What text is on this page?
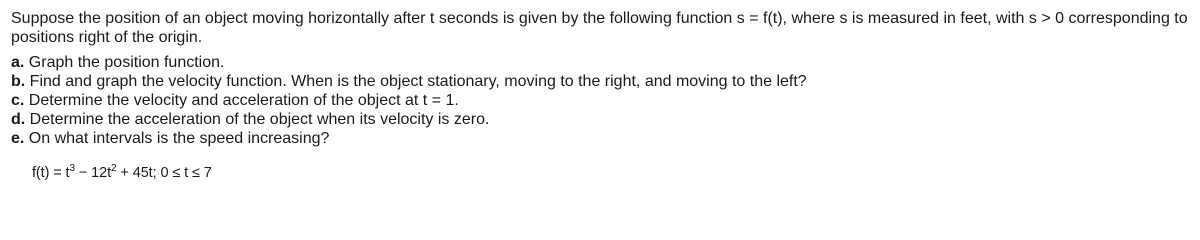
Suppose the position of an object moving horizontally after t seconds is given by the following function s = f(t), where s is measured in feet, with s > 0 corresponding to positions right of the origin.

a. Graph the position function.
b. Find and graph the velocity function. When is the object stationary, moving to the right, and moving to the left?
c. Determine the velocity and acceleration of the object at t = 1.
d. Determine the acceleration of the object when its velocity is zero.
e. On what intervals is the speed increasing?
$f(t) = t^3 - 12t^2 + 45t$; 0 ≤ t ≤ 7
